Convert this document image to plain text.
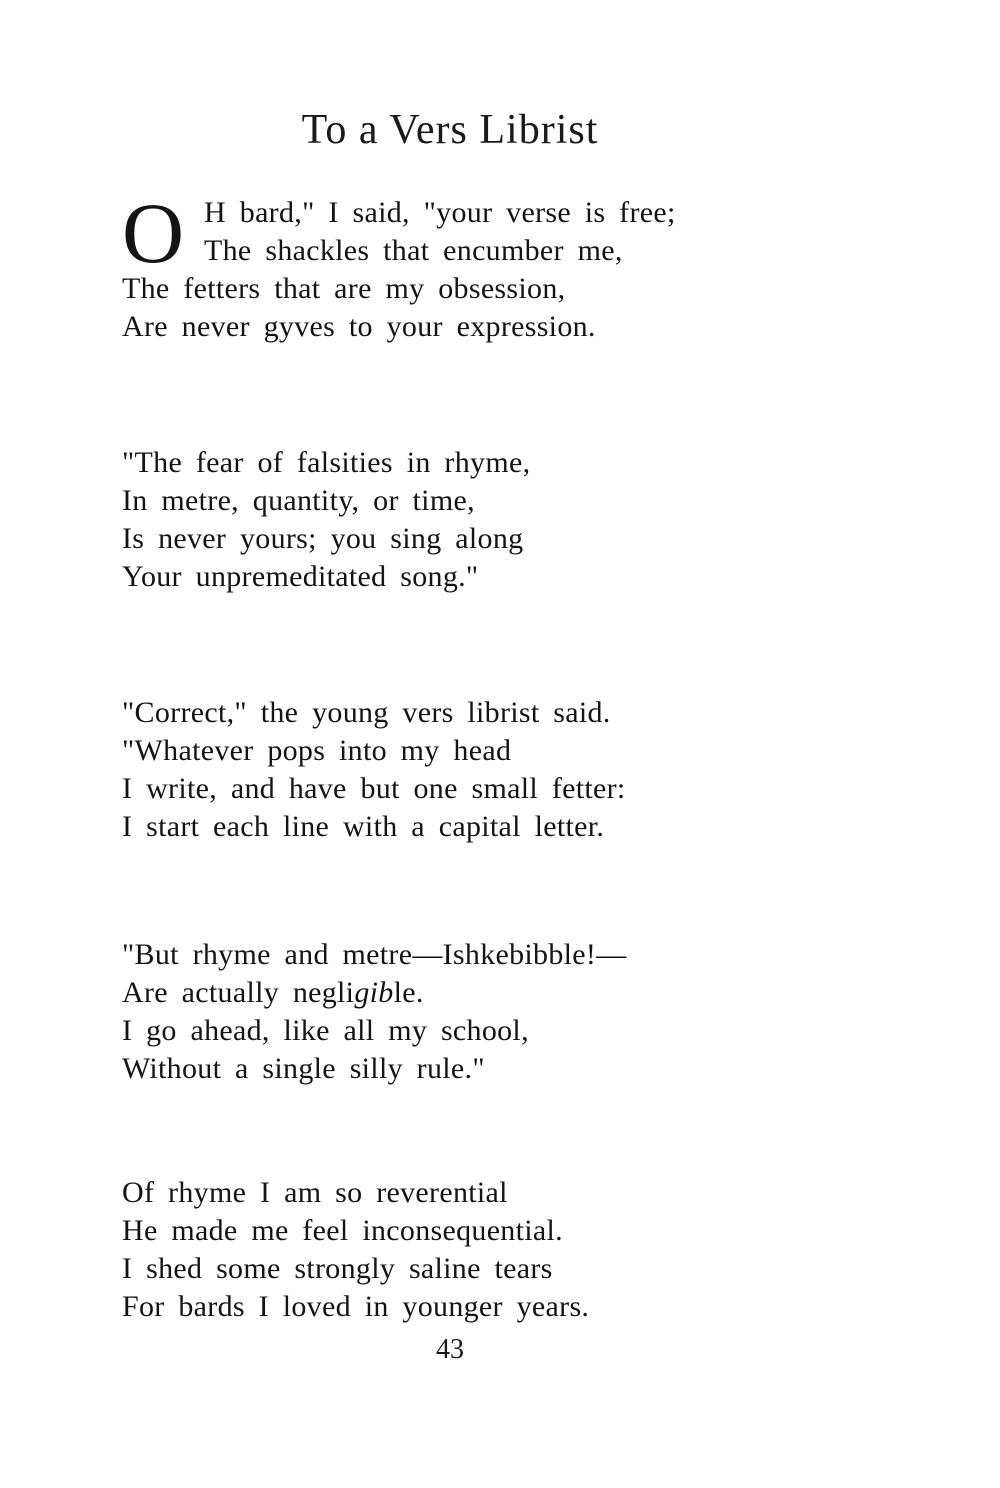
To a Vers Librist
O H bard," I said, "your verse is free;
The shackles that encumber me,
The fetters that are my obsession,
Are never gyves to your expression.
"The fear of falsities in rhyme,
In metre, quantity, or time,
Is never yours; you sing along
Your unpremeditated song."
"Correct," the young vers librist said.
"Whatever pops into my head
I write, and have but one small fetter:
I start each line with a capital letter.
"But rhyme and metre—Ishkebibble!—
Are actually negligible.
I go ahead, like all my school,
Without a single silly rule."
Of rhyme I am so reverential
He made me feel inconsequential.
I shed some strongly saline tears
For bards I loved in younger years.
43
